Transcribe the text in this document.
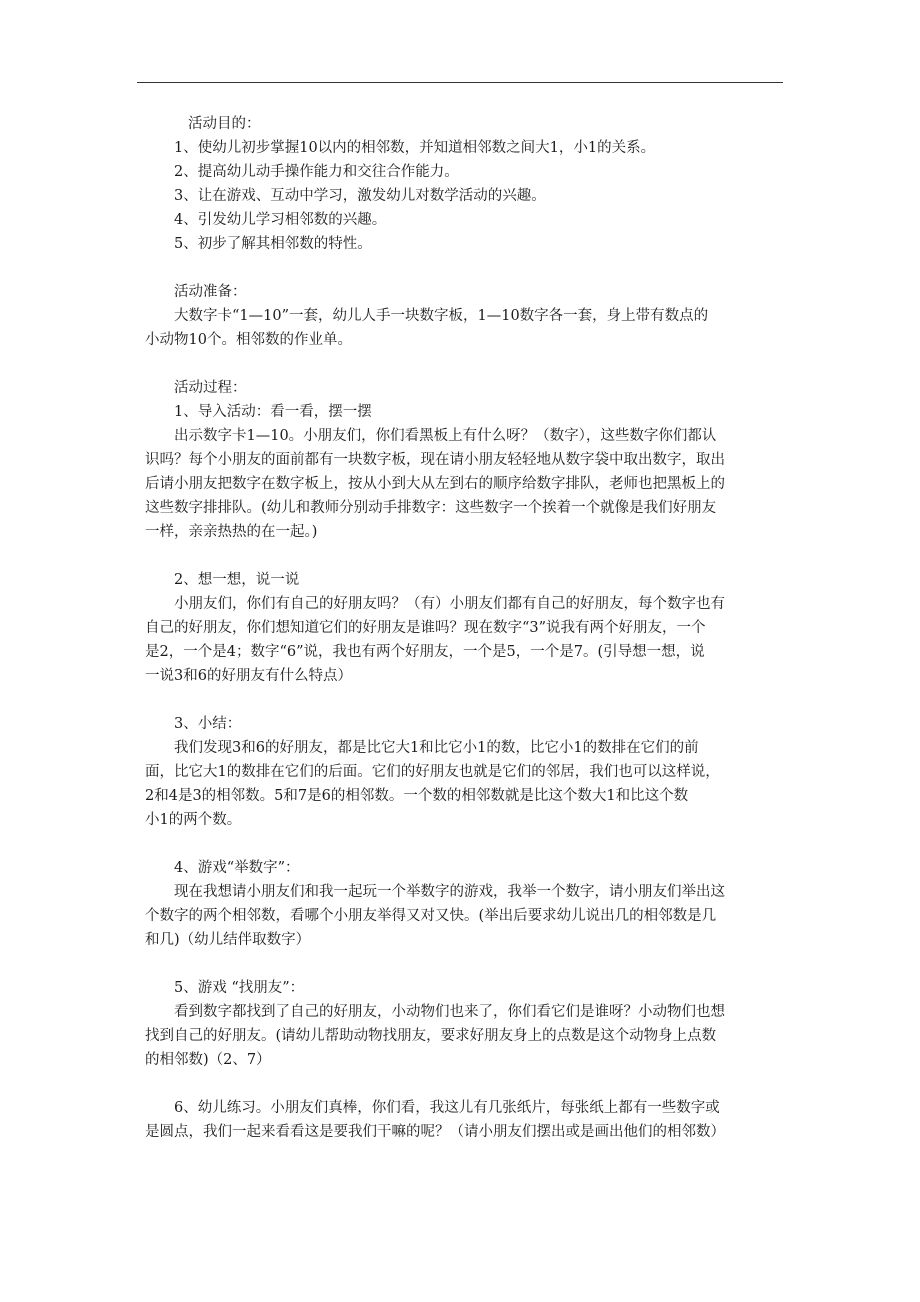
活动目的：

1、使幼儿初步掌握10以内的相邻数，并知道相邻数之间大1，小1的关系。

2、提高幼儿动手操作能力和交往合作能力。

3、让在游戏、互动中学习，激发幼儿对数学活动的兴趣。

4、引发幼儿学习相邻数的兴趣。

5、初步了解其相邻数的特性。

活动准备：

大数字卡“1—10”一套，幼儿人手一块数字板，1—10数字各一套，身上带有数点的

小动物10个。相邻数的作业单。

活动过程：

1、导入活动：看一看，摆一摆

出示数字卡1—10。小朋友们，你们看黑板上有什么呀？（数字），这些数字你们都认

识吗？每个小朋友的面前都有一块数字板，现在请小朋友轻轻地从数字袋中取出数字，取出

后请小朋友把数字在数字板上，按从小到大从左到右的顺序给数字排队，老师也把黑板上的

这些数字排排队。(幼儿和教师分别动手排数字：这些数字一个挨着一个就像是我们好朋友

一样，亲亲热热的在一起。)

2、想一想，说一说

小朋友们，你们有自己的好朋友吗？（有）小朋友们都有自己的好朋友，每个数字也有

自己的好朋友，你们想知道它们的好朋友是谁吗？现在数字“3”说我有两个好朋友，一个

是2，一个是4；数字“6”说，我也有两个好朋友，一个是5，一个是7。(引导想一想，说

一说3和6的好朋友有什么特点）

3、小结：

我们发现3和6的好朋友，都是比它大1和比它小1的数，比它小1的数排在它们的前

面，比它大1的数排在它们的后面。它们的好朋友也就是它们的邻居，我们也可以这样说，

2和4是3的相邻数。5和7是6的相邻数。一个数的相邻数就是比这个数大1和比这个数

小1的两个数。

4、游戏“举数字”：

现在我想请小朋友们和我一起玩一个举数字的游戏，我举一个数字，请小朋友们举出这

个数字的两个相邻数，看哪个小朋友举得又对又快。(举出后要求幼儿说出几的相邻数是几

和几)（幼儿结伴取数字）

5、游戏 “找朋友”：

看到数字都找到了自己的好朋友，小动物们也来了，你们看它们是谁呀？小动物们也想

找到自己的好朋友。(请幼儿帮助动物找朋友，要求好朋友身上的点数是这个动物身上点数

的相邻数)（2、7）

6、幼儿练习。小朋友们真棒，你们看，我这儿有几张纸片，每张纸上都有一些数字或

是圆点，我们一起来看看这是要我们干嘛的呢？（请小朋友们摆出或是画出他们的相邻数）
